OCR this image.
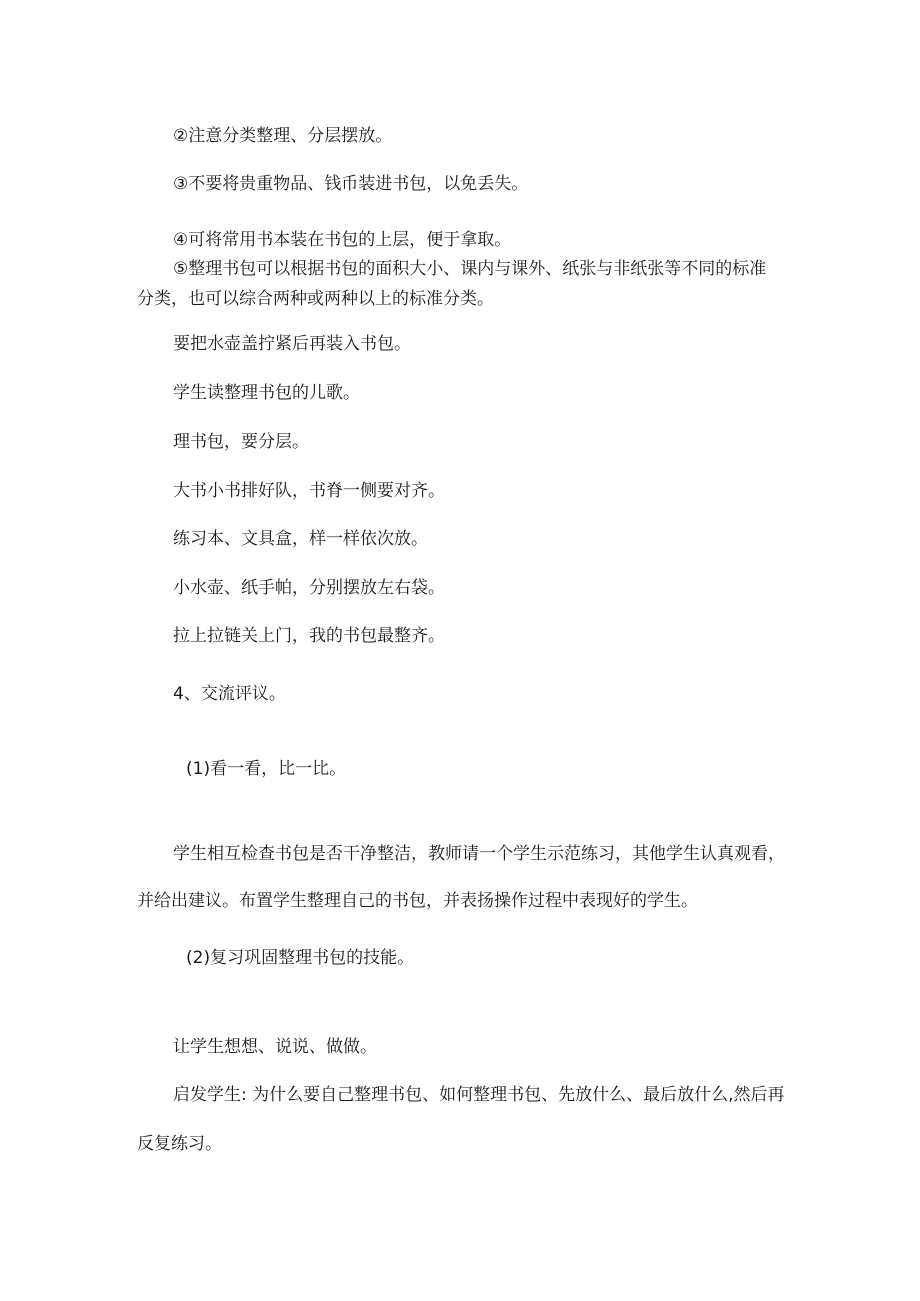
②注意分类整理、分层摆放。

③不要将贵重物品、钱币装进书包，以免丢失。

④可将常用书本装在书包的上层，便于拿取。

⑤整理书包可以根据书包的面积大小、课内与课外、纸张与非纸张等不同的标准

分类，也可以综合两种或两种以上的标准分类。

要把水壶盖拧紧后再装入书包。

学生读整理书包的儿歌。

理书包，要分层。

大书小书排好队，书脊一侧要对齐。

练习本、文具盒，样一样依次放。

小水壶、纸手帕，分别摆放左右袋。

拉上拉链关上门，我的书包最整齐。

4、交流评议。

(1)看一看，比一比。

学生相互检查书包是否干净整洁，教师请一个学生示范练习，其他学生认真观看，

并给出建议。布置学生整理自己的书包，并表扬操作过程中表现好的学生。

(2)复习巩固整理书包的技能。

让学生想想、说说、做做。

启发学生: 为什么要自己整理书包、如何整理书包、先放什么、最后放什么,然后再

反复练习。
